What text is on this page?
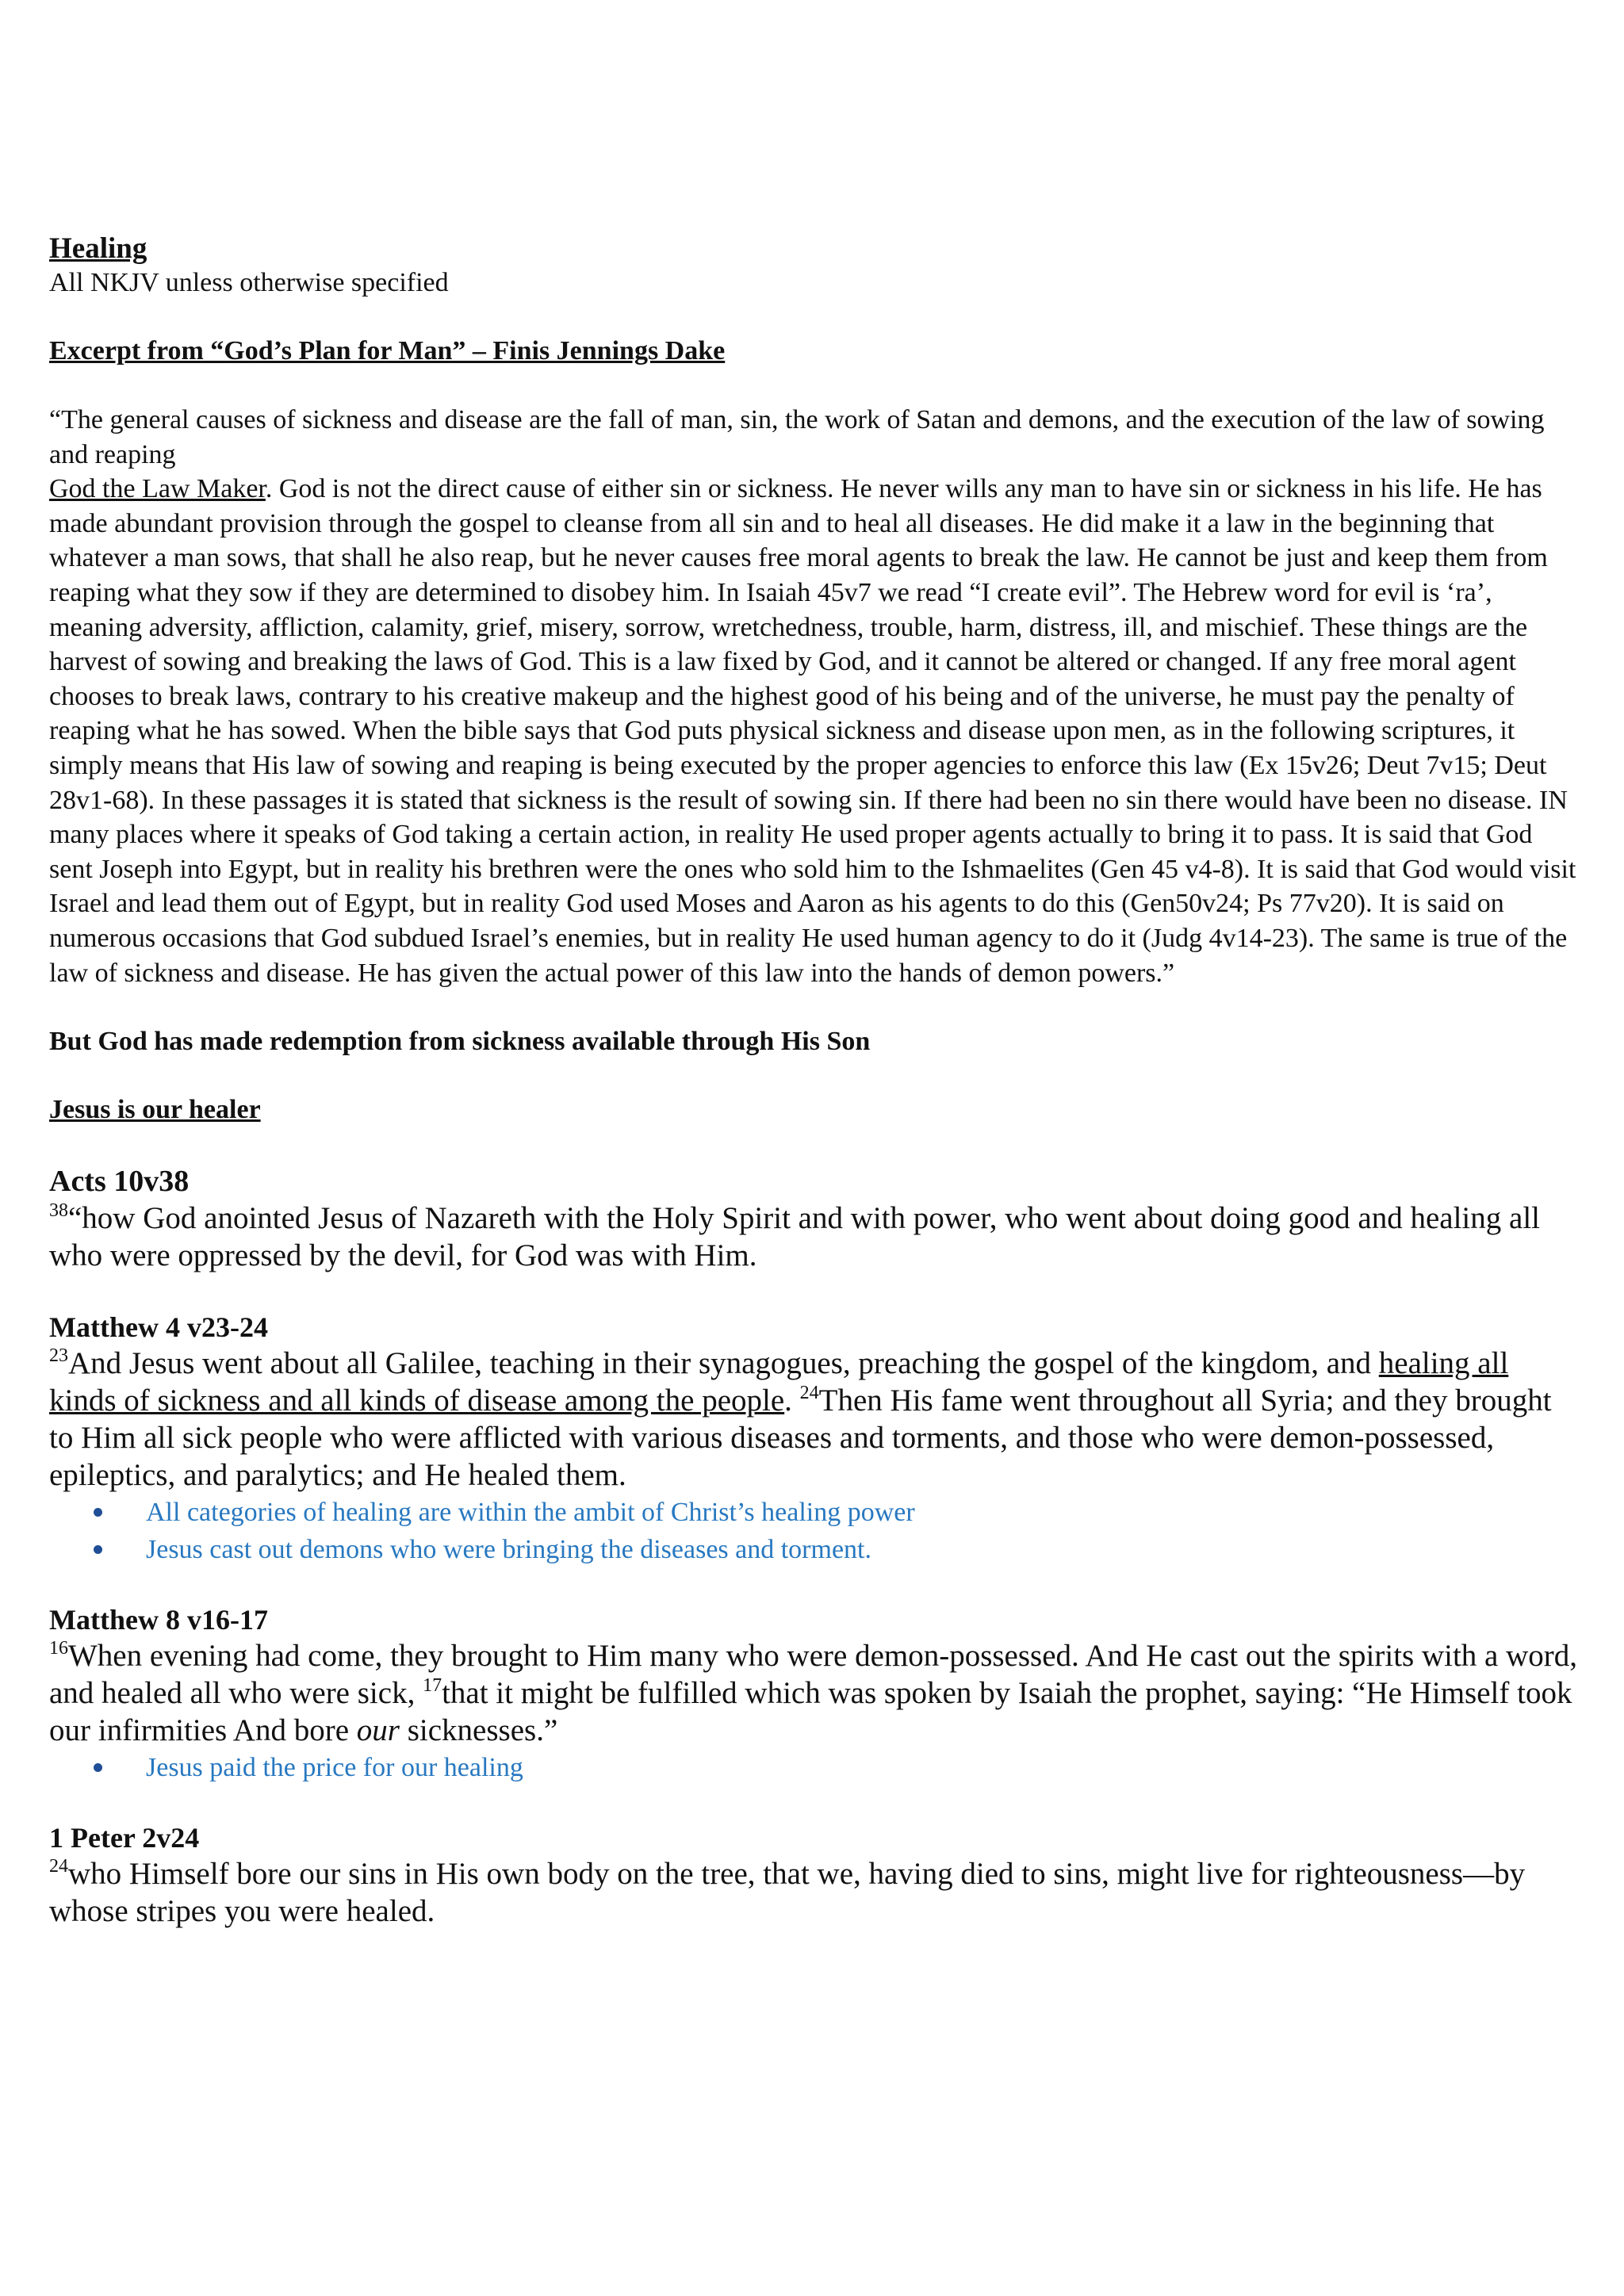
Healing

All NKJV unless otherwise specified

Excerpt from “God’s Plan for Man” – Finis Jennings Dake

“The general causes of sickness and disease are the fall of man, sin, the work of Satan and demons, and the execution of the law of sowing and reaping
God the Law Maker. God is not the direct cause of either sin or sickness. He never wills any man to have sin or sickness in his life. He has made abundant provision through the gospel to cleanse from all sin and to heal all diseases. He did make it a law in the beginning that whatever a man sows, that shall he also reap, but he never causes free moral agents to break the law. He cannot be just and keep them from reaping what they sow if they are determined to disobey him. In Isaiah 45v7 we read “I create evil”. The Hebrew word for evil is ‘ra’, meaning adversity, affliction, calamity, grief, misery, sorrow, wretchedness, trouble, harm, distress, ill, and mischief. These things are the harvest of sowing and breaking the laws of God. This is a law fixed by God, and it cannot be altered or changed. If any free moral agent chooses to break laws, contrary to his creative makeup and the highest good of his being and of the universe, he must pay the penalty of reaping what he has sowed. When the bible says that God puts physical sickness and disease upon men, as in the following scriptures, it simply means that His law of sowing and reaping is being executed by the proper agencies to enforce this law (Ex 15v26; Deut 7v15; Deut 28v1-68). In these passages it is stated that sickness is the result of sowing sin. If there had been no sin there would have been no disease. IN many places where it speaks of God taking a certain action, in reality He used proper agents actually to bring it to pass. It is said that God sent Joseph into Egypt, but in reality his brethren were the ones who sold him to the Ishmaelites (Gen 45 v4-8). It is said that God would visit Israel and lead them out of Egypt, but in reality God used Moses and Aaron as his agents to do this (Gen50v24; Ps 77v20). It is said on numerous occasions that God subdued Israel’s enemies, but in reality He used human agency to do it (Judg 4v14-23). The same is true of the law of sickness and disease. He has given the actual power of this law into the hands of demon powers.”

But God has made redemption from sickness available through His Son

Jesus is our healer

Acts 10v38

$^{38}$“how God anointed Jesus of Nazareth with the Holy Spirit and with power, who went about doing good and healing all who were oppressed by the devil, for God was with Him.

Matthew 4 v23-24

$^{23}$And Jesus went about all Galilee, teaching in their synagogues, preaching the gospel of the kingdom, and healing all kinds of sickness and all kinds of disease among the people. $^{24}$Then His fame went throughout all Syria; and they brought to Him all sick people who were afflicted with various diseases and torments, and those who were demon-possessed, epileptics, and paralytics; and He healed them.

All categories of healing are within the ambit of Christ’s healing power
Jesus cast out demons who were bringing the diseases and torment.

Matthew 8 v16-17

$^{16}$When evening had come, they brought to Him many who were demon-possessed. And He cast out the spirits with a word, and healed all who were sick, $^{17}$that it might be fulfilled which was spoken by Isaiah the prophet, saying: “He Himself took our infirmities And bore our sicknesses.”

Jesus paid the price for our healing

1 Peter 2v24

$^{24}$who Himself bore our sins in His own body on the tree, that we, having died to sins, might live for righteousness—by whose stripes you were healed.
